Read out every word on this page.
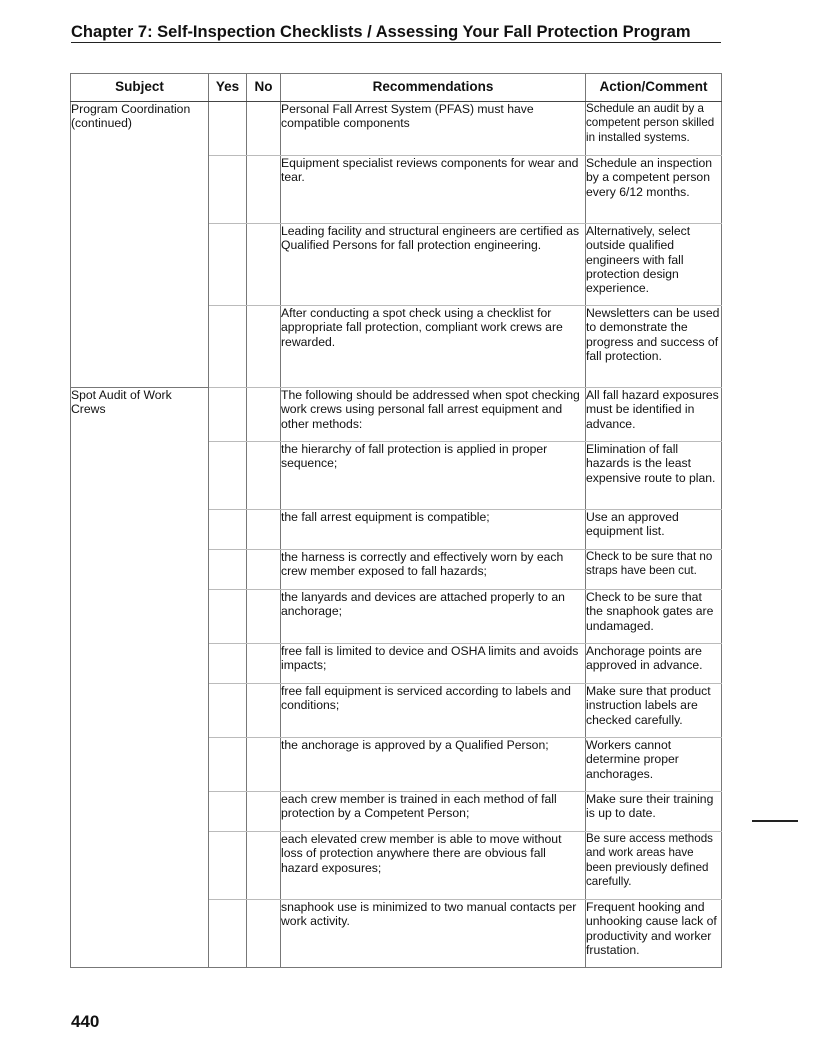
Chapter 7: Self-Inspection Checklists / Assessing Your Fall Protection Program
Subject	Yes	No	Recommendations	Action/Comment
Program Coordination (continued)			Personal Fall Arrest System (PFAS) must have compatible components	Schedule an audit by a competent person skilled in installed systems.
			Equipment specialist reviews components for wear and tear.	Schedule an inspection by a competent person every 6/12 months.
			Leading facility and structural engineers are certified as Qualified Persons for fall protection engineering.	Alternatively, select outside qualified engineers with fall protection design experience.
			After conducting a spot check using a checklist for appropriate fall protection, compliant work crews are rewarded.	Newsletters can be used to demonstrate the progress and success of fall protection.
Spot Audit of Work Crews			The following should be addressed when spot checking work crews using personal fall arrest equipment and other methods:	All fall hazard exposures must be identified in advance.
			the hierarchy of fall protection is applied in proper sequence;	Elimination of fall hazards is the least expensive route to plan.
			the fall arrest equipment is compatible;	Use an approved equipment list.
			the harness is correctly and effectively worn by each crew member exposed to fall hazards;	Check to be sure that no straps have been cut.
			the lanyards and devices are attached properly to an anchorage;	Check to be sure that the snaphook gates are undamaged.
			free fall is limited to device and OSHA limits and avoids impacts;	Anchorage points are approved in advance.
			free fall equipment is serviced according to labels and conditions;	Make sure that product instruction labels are checked carefully.
			the anchorage is approved by a Qualified Person;	Workers cannot determine proper anchorages.
			each crew member is trained in each method of fall protection by a Competent Person;	Make sure their training is up to date.
			each elevated crew member is able to move without loss of protection anywhere there are obvious fall hazard exposures;	Be sure access methods and work areas have been previously defined carefully.
			snaphook use is minimized to two manual contacts per work activity.	Frequent hooking and unhooking cause lack of productivity and worker frustation.
440
